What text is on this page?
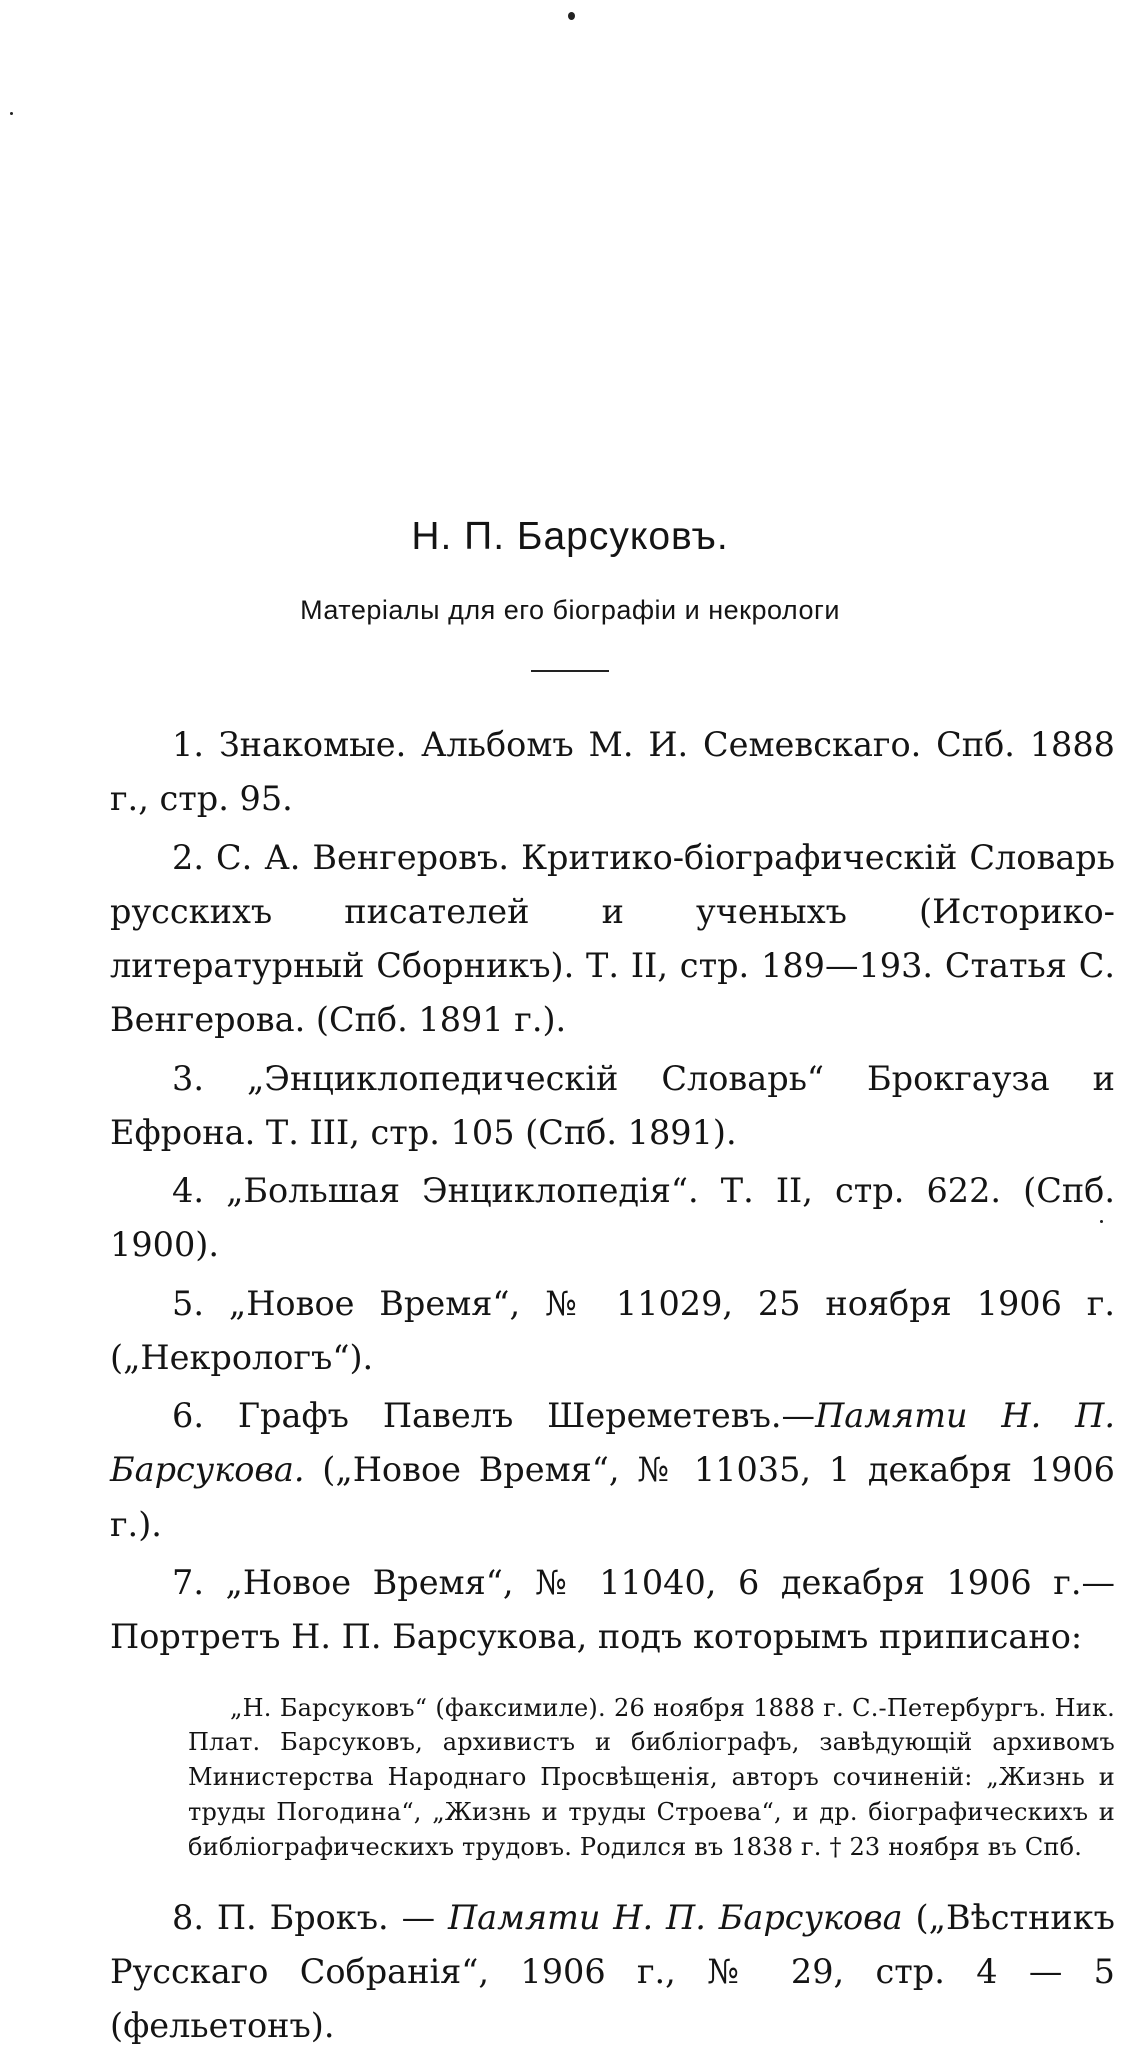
Н. П. Барсуковъ.
Матеріалы для его біографіи и некрологи

1. Знакомые. Альбомъ М. И. Семевскаго. Спб. 1888 г., стр. 95.

2. С. А. Венгеровъ. Критико-біографическій Словарь русскихъ писателей и ученыхъ (Историко-литературный Сборникъ). Т. II, стр. 189—193. Статья С. Венгерова. (Спб. 1891 г.).

3. „Энциклопедическій Словарь“ Брокгауза и Ефрона. Т. III, стр. 105 (Спб. 1891).

4. „Большая Энциклопедія“. Т. II, стр. 622. (Спб. 1900).

5. „Новое Время“, № 11029, 25 ноября 1906 г. („Некрологъ“).

6. Графъ Павелъ Шереметевъ.—Памяти Н. П. Барсукова. („Новое Время“, № 11035, 1 декабря 1906 г.).

7. „Новое Время“, № 11040, 6 декабря 1906 г.— Портретъ Н. П. Барсукова, подъ которымъ приписано:

„Н. Барсуковъ“ (факсимиле). 26 ноября 1888 г. С.-Петербургъ. Ник. Плат. Барсуковъ, архивистъ и библіографъ, завѣдующій архивомъ Министерства Народнаго Просвѣщенія, авторъ сочиненій: „Жизнь и труды Погодина“, „Жизнь и труды Строева“, и др. біографическихъ и библіографическихъ трудовъ. Родился въ 1838 г. † 23 ноября въ Спб.

8. П. Брокъ. — Памяти Н. П. Барсукова („Вѣстникъ Русскаго Собранія“, 1906 г., № 29, стр. 4 — 5 (фельетонъ).
